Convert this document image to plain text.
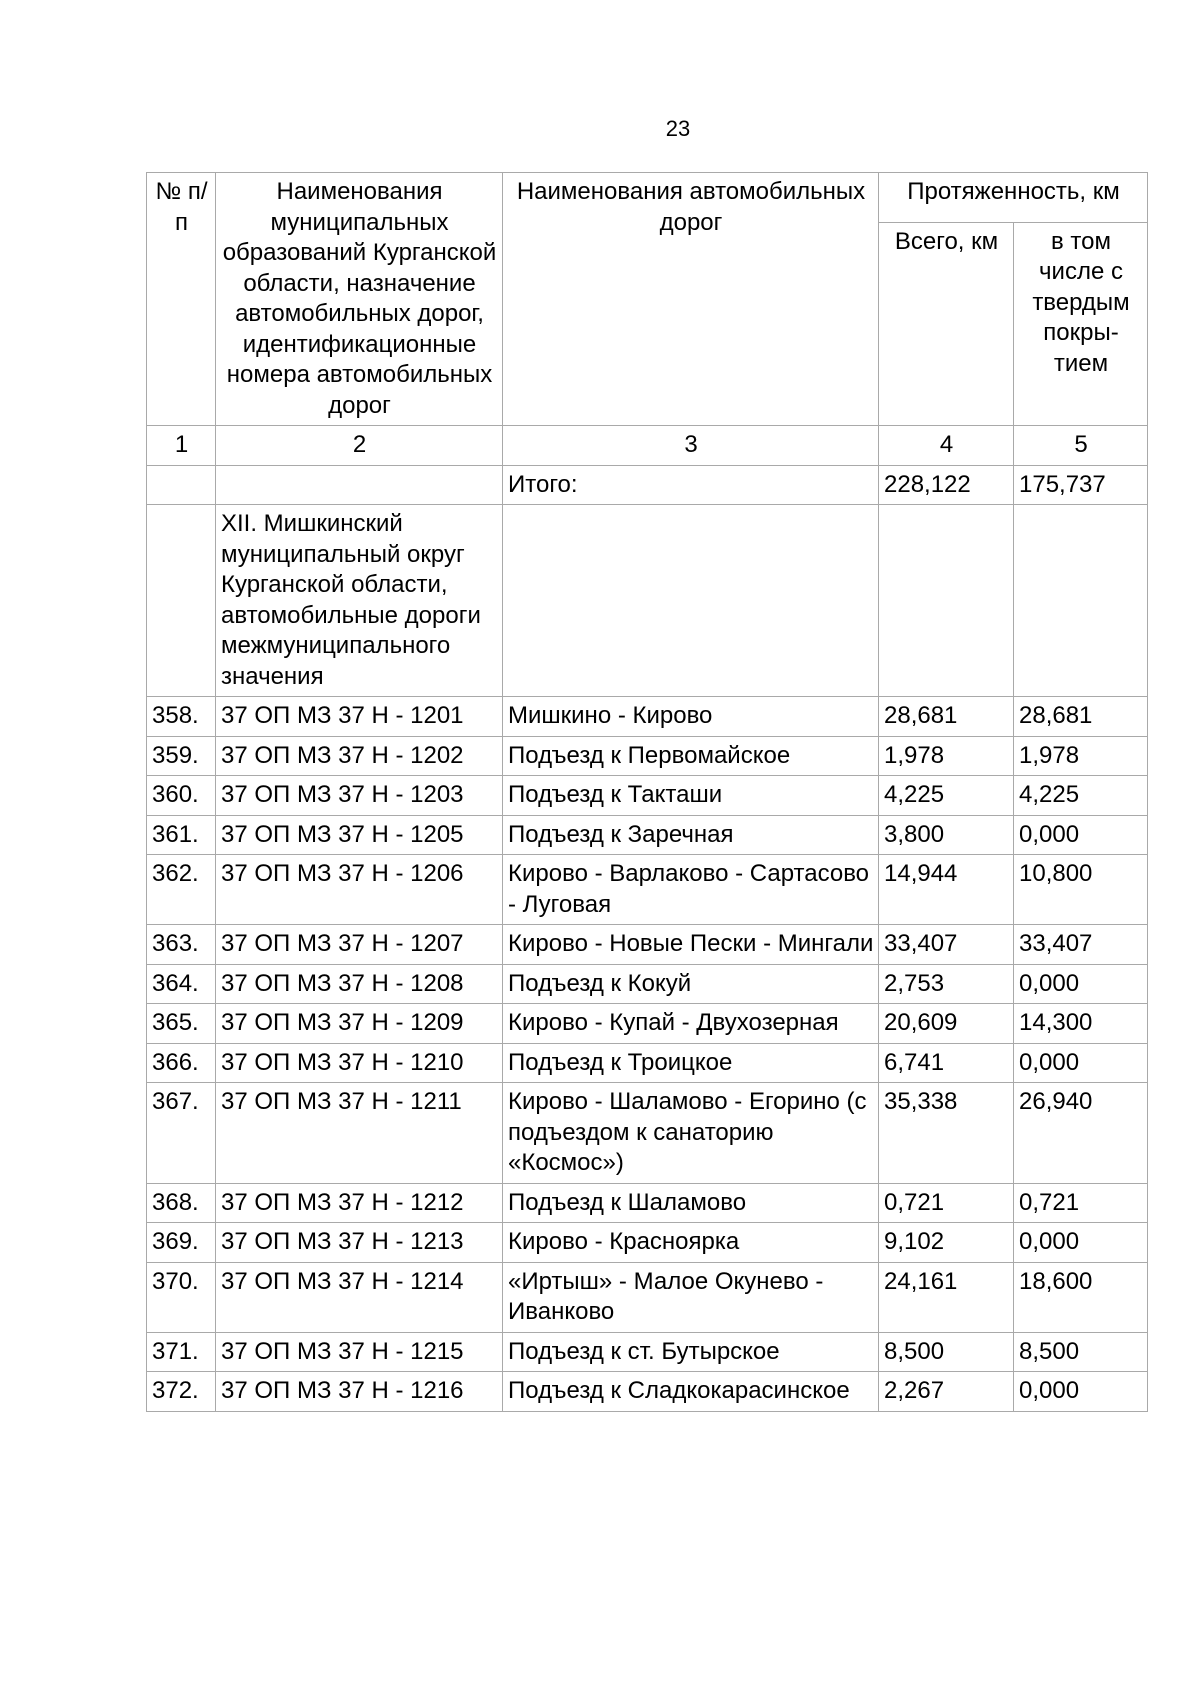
23
№ п/п	Наименования муниципальных образований Курганской области, назначение автомобильных дорог, идентификационные номера автомобильных дорог	Наименования автомобильных дорог	Протяженность, км	
			Всего, км	в том числе с твердым покры-тием
1	2	3	4	5
		Итого:	228,122	175,737
	XII. Мишкинский муниципальный округ Курганской области, автомобильные дороги межмуниципального значения			
358.	37 ОП МЗ 37 Н - 1201	Мишкино - Кирово	28,681	28,681
359.	37 ОП МЗ 37 Н - 1202	Подъезд к Первомайское	1,978	1,978
360.	37 ОП МЗ 37 Н - 1203	Подъезд к Такташи	4,225	4,225
361.	37 ОП МЗ 37 Н - 1205	Подъезд к Заречная	3,800	0,000
362.	37 ОП МЗ 37 Н - 1206	Кирово - Варлаково - Сартасово - Луговая	14,944	10,800
363.	37 ОП МЗ 37 Н - 1207	Кирово - Новые Пески - Мингали	33,407	33,407
364.	37 ОП МЗ 37 Н - 1208	Подъезд к Кокуй	2,753	0,000
365.	37 ОП МЗ 37 Н - 1209	Кирово - Купай - Двухозерная	20,609	14,300
366.	37 ОП МЗ 37 Н - 1210	Подъезд к Троицкое	6,741	0,000
367.	37 ОП МЗ 37 Н - 1211	Кирово - Шаламово - Егорино (с подъездом к санаторию «Космос»)	35,338	26,940
368.	37 ОП МЗ 37 Н - 1212	Подъезд к Шаламово	0,721	0,721
369.	37 ОП МЗ 37 Н - 1213	Кирово - Красноярка	9,102	0,000
370.	37 ОП МЗ 37 Н - 1214	«Иртыш» - Малое Окунево - Иванково	24,161	18,600
371.	37 ОП МЗ 37 Н - 1215	Подъезд к ст. Бутырское	8,500	8,500
372.	37 ОП МЗ 37 Н - 1216	Подъезд к Сладкокарасинское	2,267	0,000
